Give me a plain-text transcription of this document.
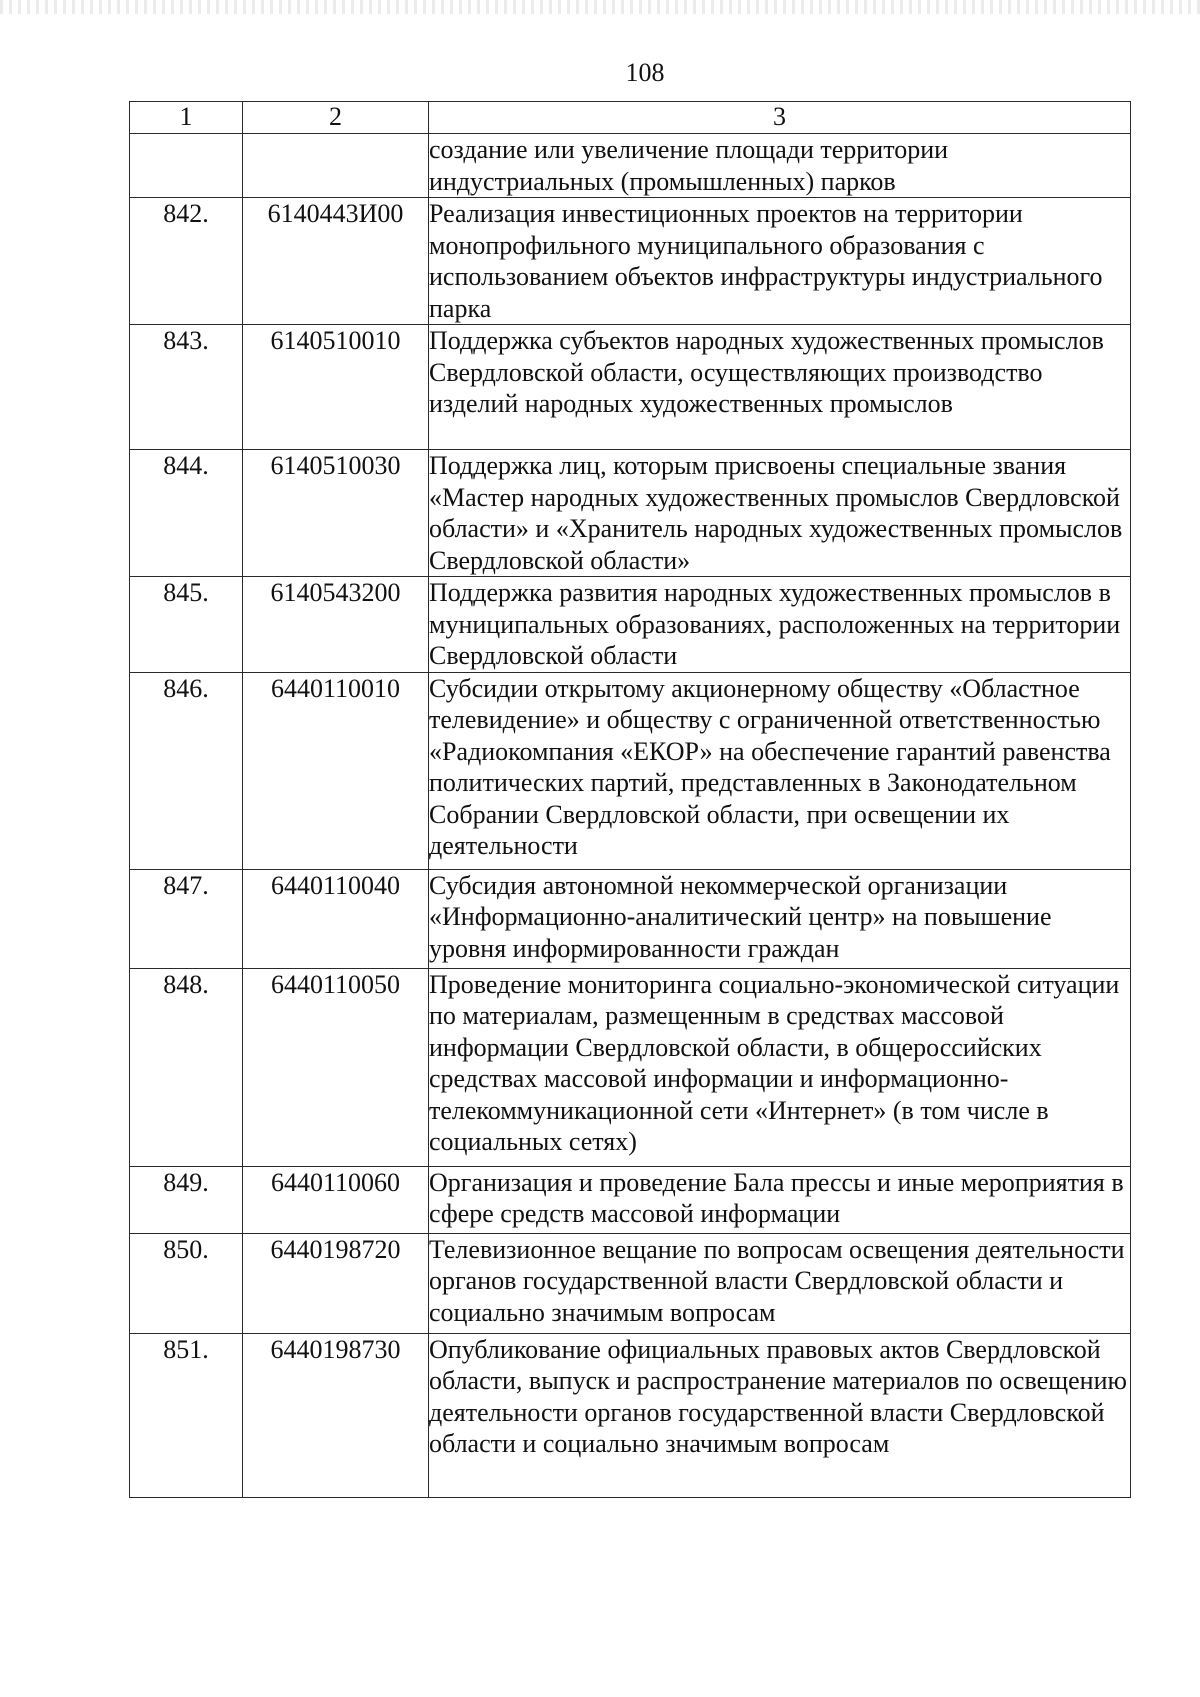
108
1	2	3
		создание или увеличение площади территории индустриальных (промышленных) парков
842.	6140443И00	Реализация инвестиционных проектов на территории монопрофильного муниципального образования с использованием объектов инфраструктуры индустриального парка
843.	6140510010	Поддержка субъектов народных художественных промыслов Свердловской области, осуществляющих производство изделий народных художественных промыслов
844.	6140510030	Поддержка лиц, которым присвоены специальные звания «Мастер народных художественных промыслов Свердловской области» и «Хранитель народных художественных промыслов Свердловской области»
845.	6140543200	Поддержка развития народных художественных промыслов в муниципальных образованиях, расположенных на территории Свердловской области
846.	6440110010	Субсидии открытому акционерному обществу «Областное телевидение» и обществу с ограниченной ответственностью «Радиокомпания «ЕКОР» на обеспечение гарантий равенства политических партий, представленных в Законодательном Собрании Свердловской области, при освещении их деятельности
847.	6440110040	Субсидия автономной некоммерческой организации «Информационно-аналитический центр» на повышение уровня информированности граждан
848.	6440110050	Проведение мониторинга социально-экономической ситуации по материалам, размещенным в средствах массовой информации Свердловской области, в общероссийских средствах массовой информации и информационно-телекоммуникационной сети «Интернет» (в том числе в социальных сетях)
849.	6440110060	Организация и проведение Бала прессы и иные мероприятия в сфере средств массовой информации
850.	6440198720	Телевизионное вещание по вопросам освещения деятельности органов государственной власти Свердловской области и социально значимым вопросам
851.	6440198730	Опубликование официальных правовых актов Свердловской области, выпуск и распространение материалов по освещению деятельности органов государственной власти Свердловской области и социально значимым вопросам
